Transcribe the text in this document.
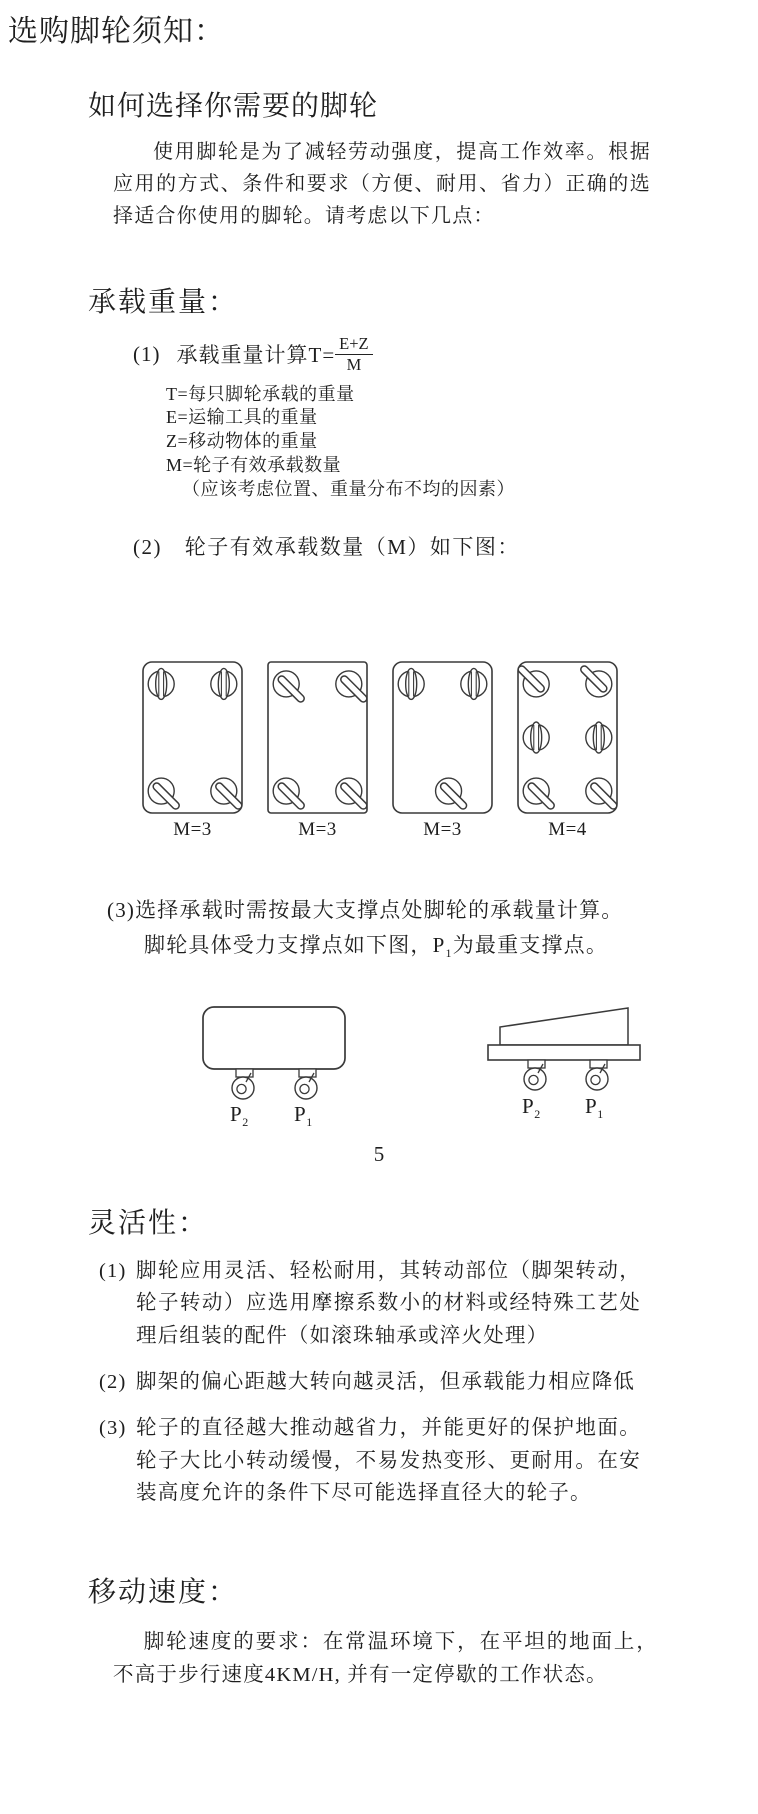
选购脚轮须知：
如何选择你需要的脚轮
使用脚轮是为了减轻劳动强度，提高工作效率。根据应用的方式、条件和要求（方便、耐用、省力）正确的选择适合你使用的脚轮。请考虑以下几点：
承载重量：
(1) 承载重量计算$T= \frac{E+Z}{M}$
T=每只脚轮承载的重量
E=运输工具的重量
Z=移动物体的重量
M=轮子有效承载数量
（应该考虑位置、重量分布不均的因素）
(2) 轮子有效承载数量（M）如下图：
M=3	M=3	M=3	M=4
(3)选择承载时需按最大支撑点处脚轮的承载量计算。
脚轮具体受力支撑点如下图，$P_1$为最重支撑点。
$P_2$ $P_1$
$P_2$ $P_1$
5
灵活性：
(1) 脚轮应用灵活、轻松耐用，其转动部位（脚架转动，轮子转动）应选用摩擦系数小的材料或经特殊工艺处理后组装的配件（如滚珠轴承或淬火处理）
(2) 脚架的偏心距越大转向越灵活，但承载能力相应降低
(3) 轮子的直径越大推动越省力，并能更好的保护地面。轮子大比小转动缓慢，不易发热变形、更耐用。在安装高度允许的条件下尽可能选择直径大的轮子。
移动速度：
脚轮速度的要求：在常温环境下，在平坦的地面上，不高于步行速度4KM/H, 并有一定停歇的工作状态。
